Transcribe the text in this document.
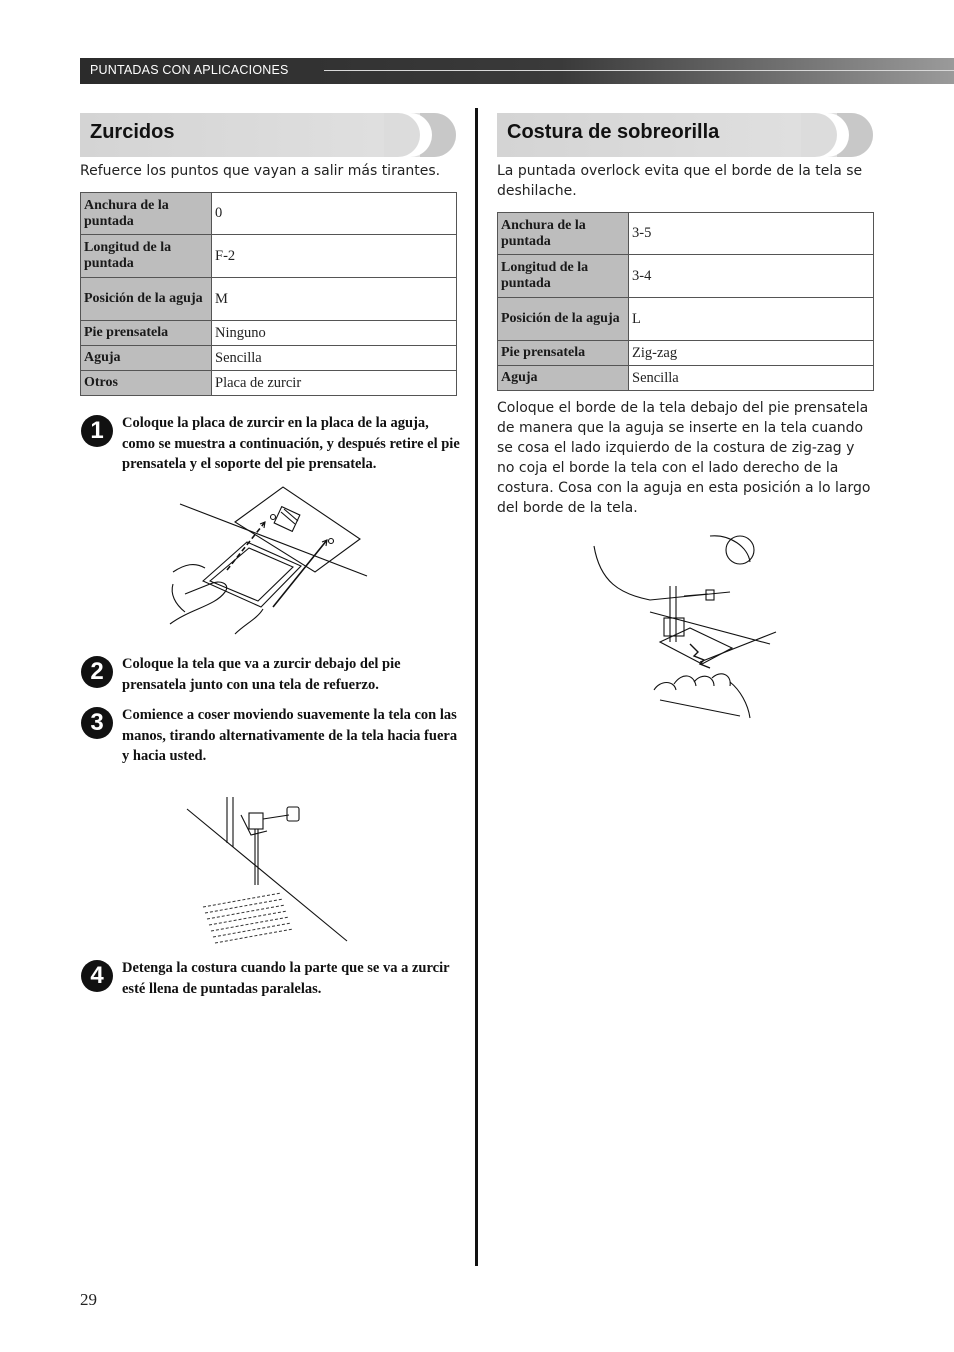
PUNTADAS CON APLICACIONES
Zurcidos
Refuerce los puntos que vayan a salir más tirantes.
Anchura de la puntada	0
Longitud de la puntada	F-2
Posición de la aguja	M
Pie prensatela	Ninguno
Aguja	Sencilla
Otros	Placa de zurcir
1	Coloque la placa de zurcir en la placa de la aguja, como se muestra a continuación, y después retire el pie prensatela y el soporte del pie prensatela.
2	Coloque la tela que va a zurcir debajo del pie prensatela junto con una tela de refuerzo.
3	Comience a coser moviendo suavemente la tela con las manos, tirando alternativamente de la tela hacia fuera y hacia usted.
4	Detenga la costura cuando la parte que se va a zurcir esté llena de puntadas paralelas.
Costura de sobreorilla
La puntada overlock evita que el borde de la tela se deshilache.
Anchura de la puntada	3-5
Longitud de la puntada	3-4
Posición de la aguja	L
Pie prensatela	Zig-zag
Aguja	Sencilla
Coloque el borde de la tela debajo del pie prensatela de manera que la aguja se inserte en la tela cuando se cosa el lado izquierdo de la costura de zig-zag y no coja el borde la tela con el lado derecho de la costura. Cosa con la aguja en esta posición a lo largo del borde de la tela.
29
